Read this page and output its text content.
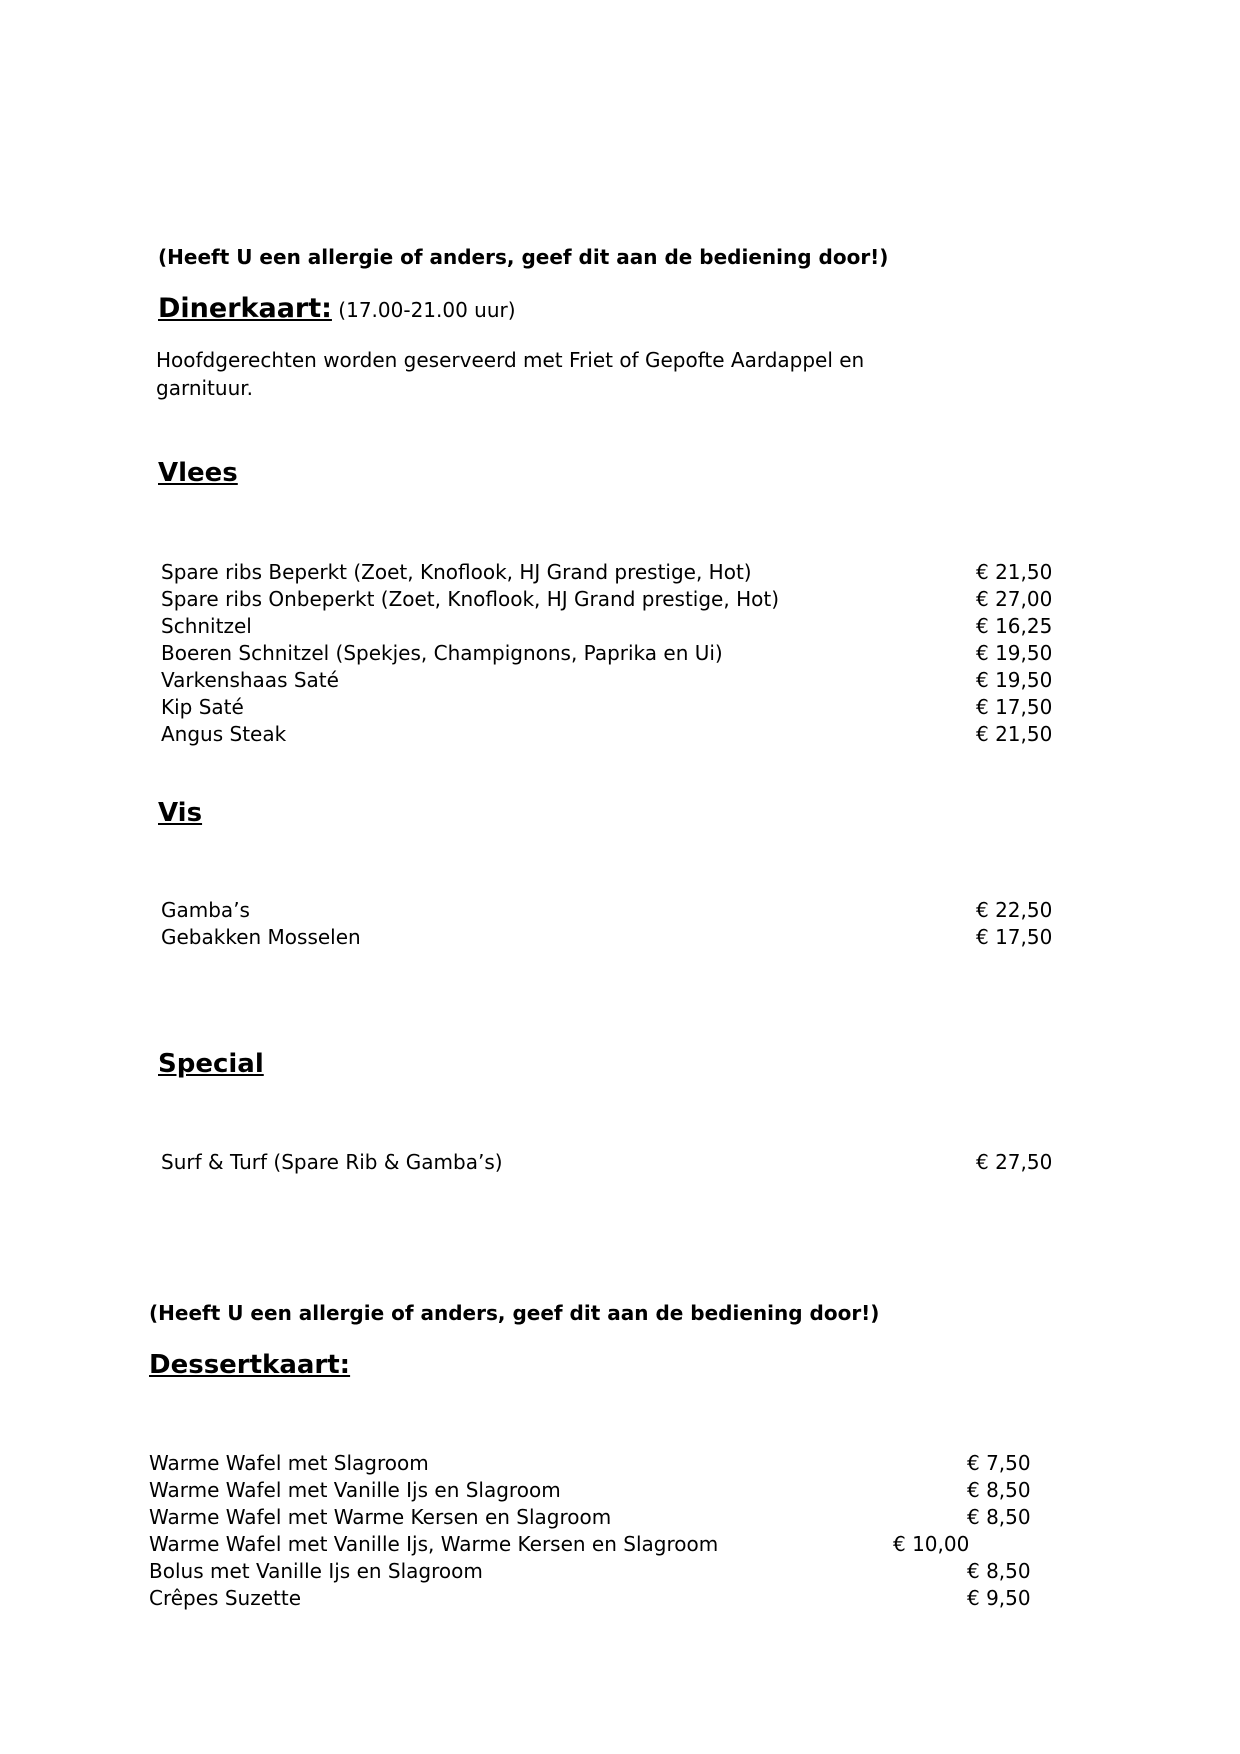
(Heeft U een allergie of anders, geef dit aan de bediening door!)
Dinerkaart: (17.00-21.00 uur)
Hoofdgerechten worden geserveerd met Friet of Gepofte Aardappel en
garnituur.
Vlees
Spare ribs Beperkt (Zoet, Knoflook, HJ Grand prestige, Hot)	€ 21,50
Spare ribs Onbeperkt (Zoet, Knoflook, HJ Grand prestige, Hot)	€ 27,00
Schnitzel	€ 16,25
Boeren Schnitzel (Spekjes, Champignons, Paprika en Ui)	€ 19,50
Varkenshaas Saté	€ 19,50
Kip Saté	€ 17,50
Angus Steak	€ 21,50
Vis
Gamba’s	€ 22,50
Gebakken Mosselen	€ 17,50
Special
Surf & Turf (Spare Rib & Gamba’s)	€ 27,50
(Heeft U een allergie of anders, geef dit aan de bediening door!)
Dessertkaart:
Warme Wafel met Slagroom	€ 7,50
Warme Wafel met Vanille Ijs en Slagroom	€ 8,50
Warme Wafel met Warme Kersen en Slagroom	€ 8,50
Warme Wafel met Vanille Ijs, Warme Kersen en Slagroom	€ 10,00
Bolus met Vanille Ijs en Slagroom	€ 8,50
Crêpes Suzette	€ 9,50
